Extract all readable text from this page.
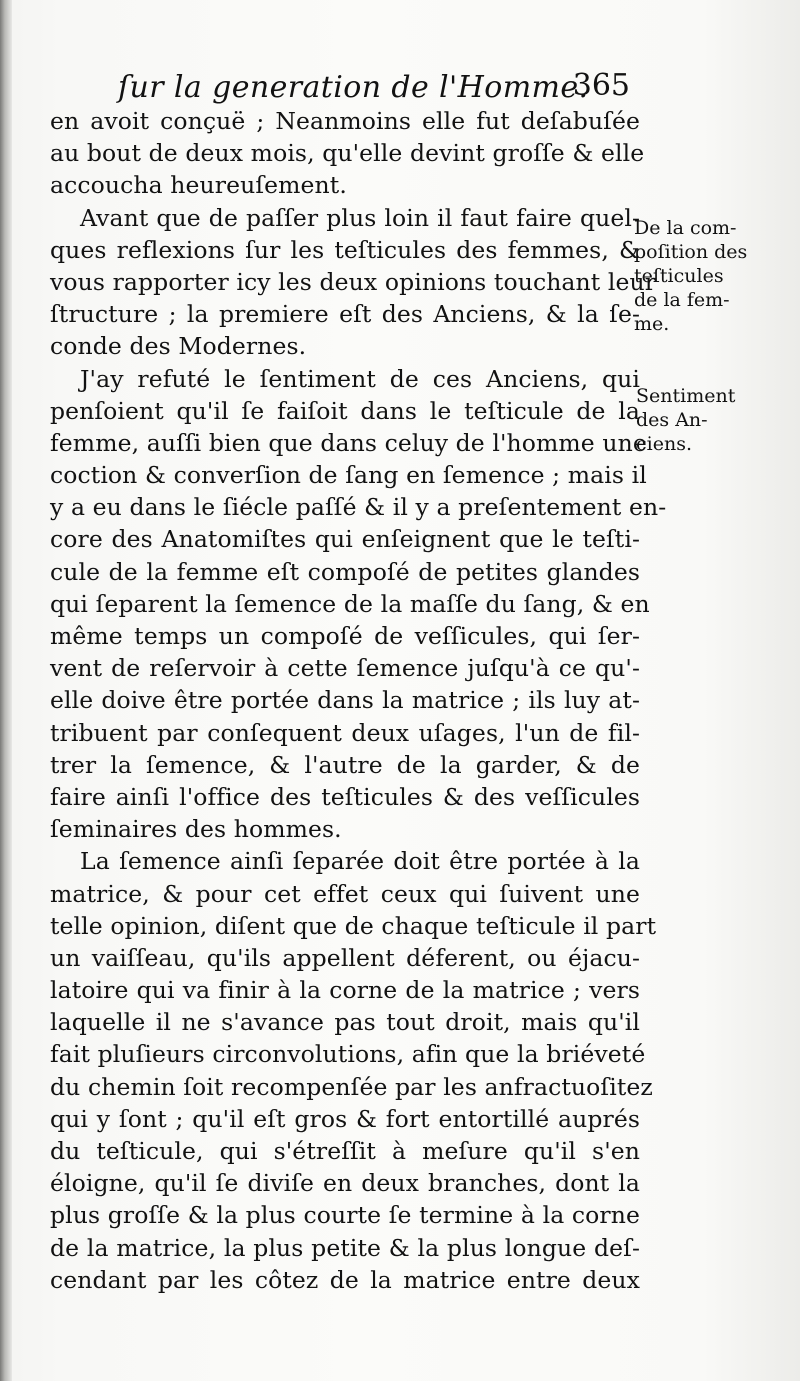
ſur la generation de l'Homme.
365
en avoit conçuë ; Neanmoins elle fut deſabuſée
au bout de deux mois, qu'elle devint groſſe & elle
accoucha heureuſement.
Avant que de paſſer plus loin il faut faire quel-
ques reflexions ſur les teſticules des femmes, &
vous rapporter icy les deux opinions touchant leur
ſtructure ; la premiere eſt des Anciens, & la ſe-
conde des Modernes.
J'ay refuté le ſentiment de ces Anciens, qui
penſoient qu'il ſe faiſoit dans le teſticule de la
femme, auſſi bien que dans celuy de l'homme une
coction & converſion de ſang en ſemence ; mais il
y a eu dans le ſiécle paſſé & il y a preſentement en-
core des Anatomiſtes qui enſeignent que le teſti-
cule de la femme eſt compoſé de petites glandes
qui ſeparent la ſemence de la maſſe du ſang, & en
même temps un compoſé de veſſicules, qui ſer-
vent de reſervoir à cette ſemence juſqu'à ce qu'-
elle doive être portée dans la matrice ; ils luy at-
tribuent par conſequent deux uſages, l'un de fil-
trer la ſemence, & l'autre de la garder, & de
faire ainſi l'office des teſticules & des veſſicules
ſeminaires des hommes.
La ſemence ainſi ſeparée doit être portée à la
matrice, & pour cet effet ceux qui ſuivent une
telle opinion, diſent que de chaque teſticule il part
un vaiſſeau, qu'ils appellent déferent, ou éjacu-
latoire qui va finir à la corne de la matrice ; vers
laquelle il ne s'avance pas tout droit, mais qu'il
fait pluſieurs circonvolutions, afin que la briéveté
du chemin ſoit recompenſée par les anfractuoſitez
qui y ſont ; qu'il eſt gros & fort entortillé auprés
du teſticule, qui s'étreſſit à meſure qu'il s'en
éloigne, qu'il ſe diviſe en deux branches, dont la
plus groſſe & la plus courte ſe termine à la corne
de la matrice, la plus petite & la plus longue deſ-
cendant par les côtez de la matrice entre deux
De la com-
poſition des
teſticules
de la fem-
me.
Sentiment
des An-
ciens.
